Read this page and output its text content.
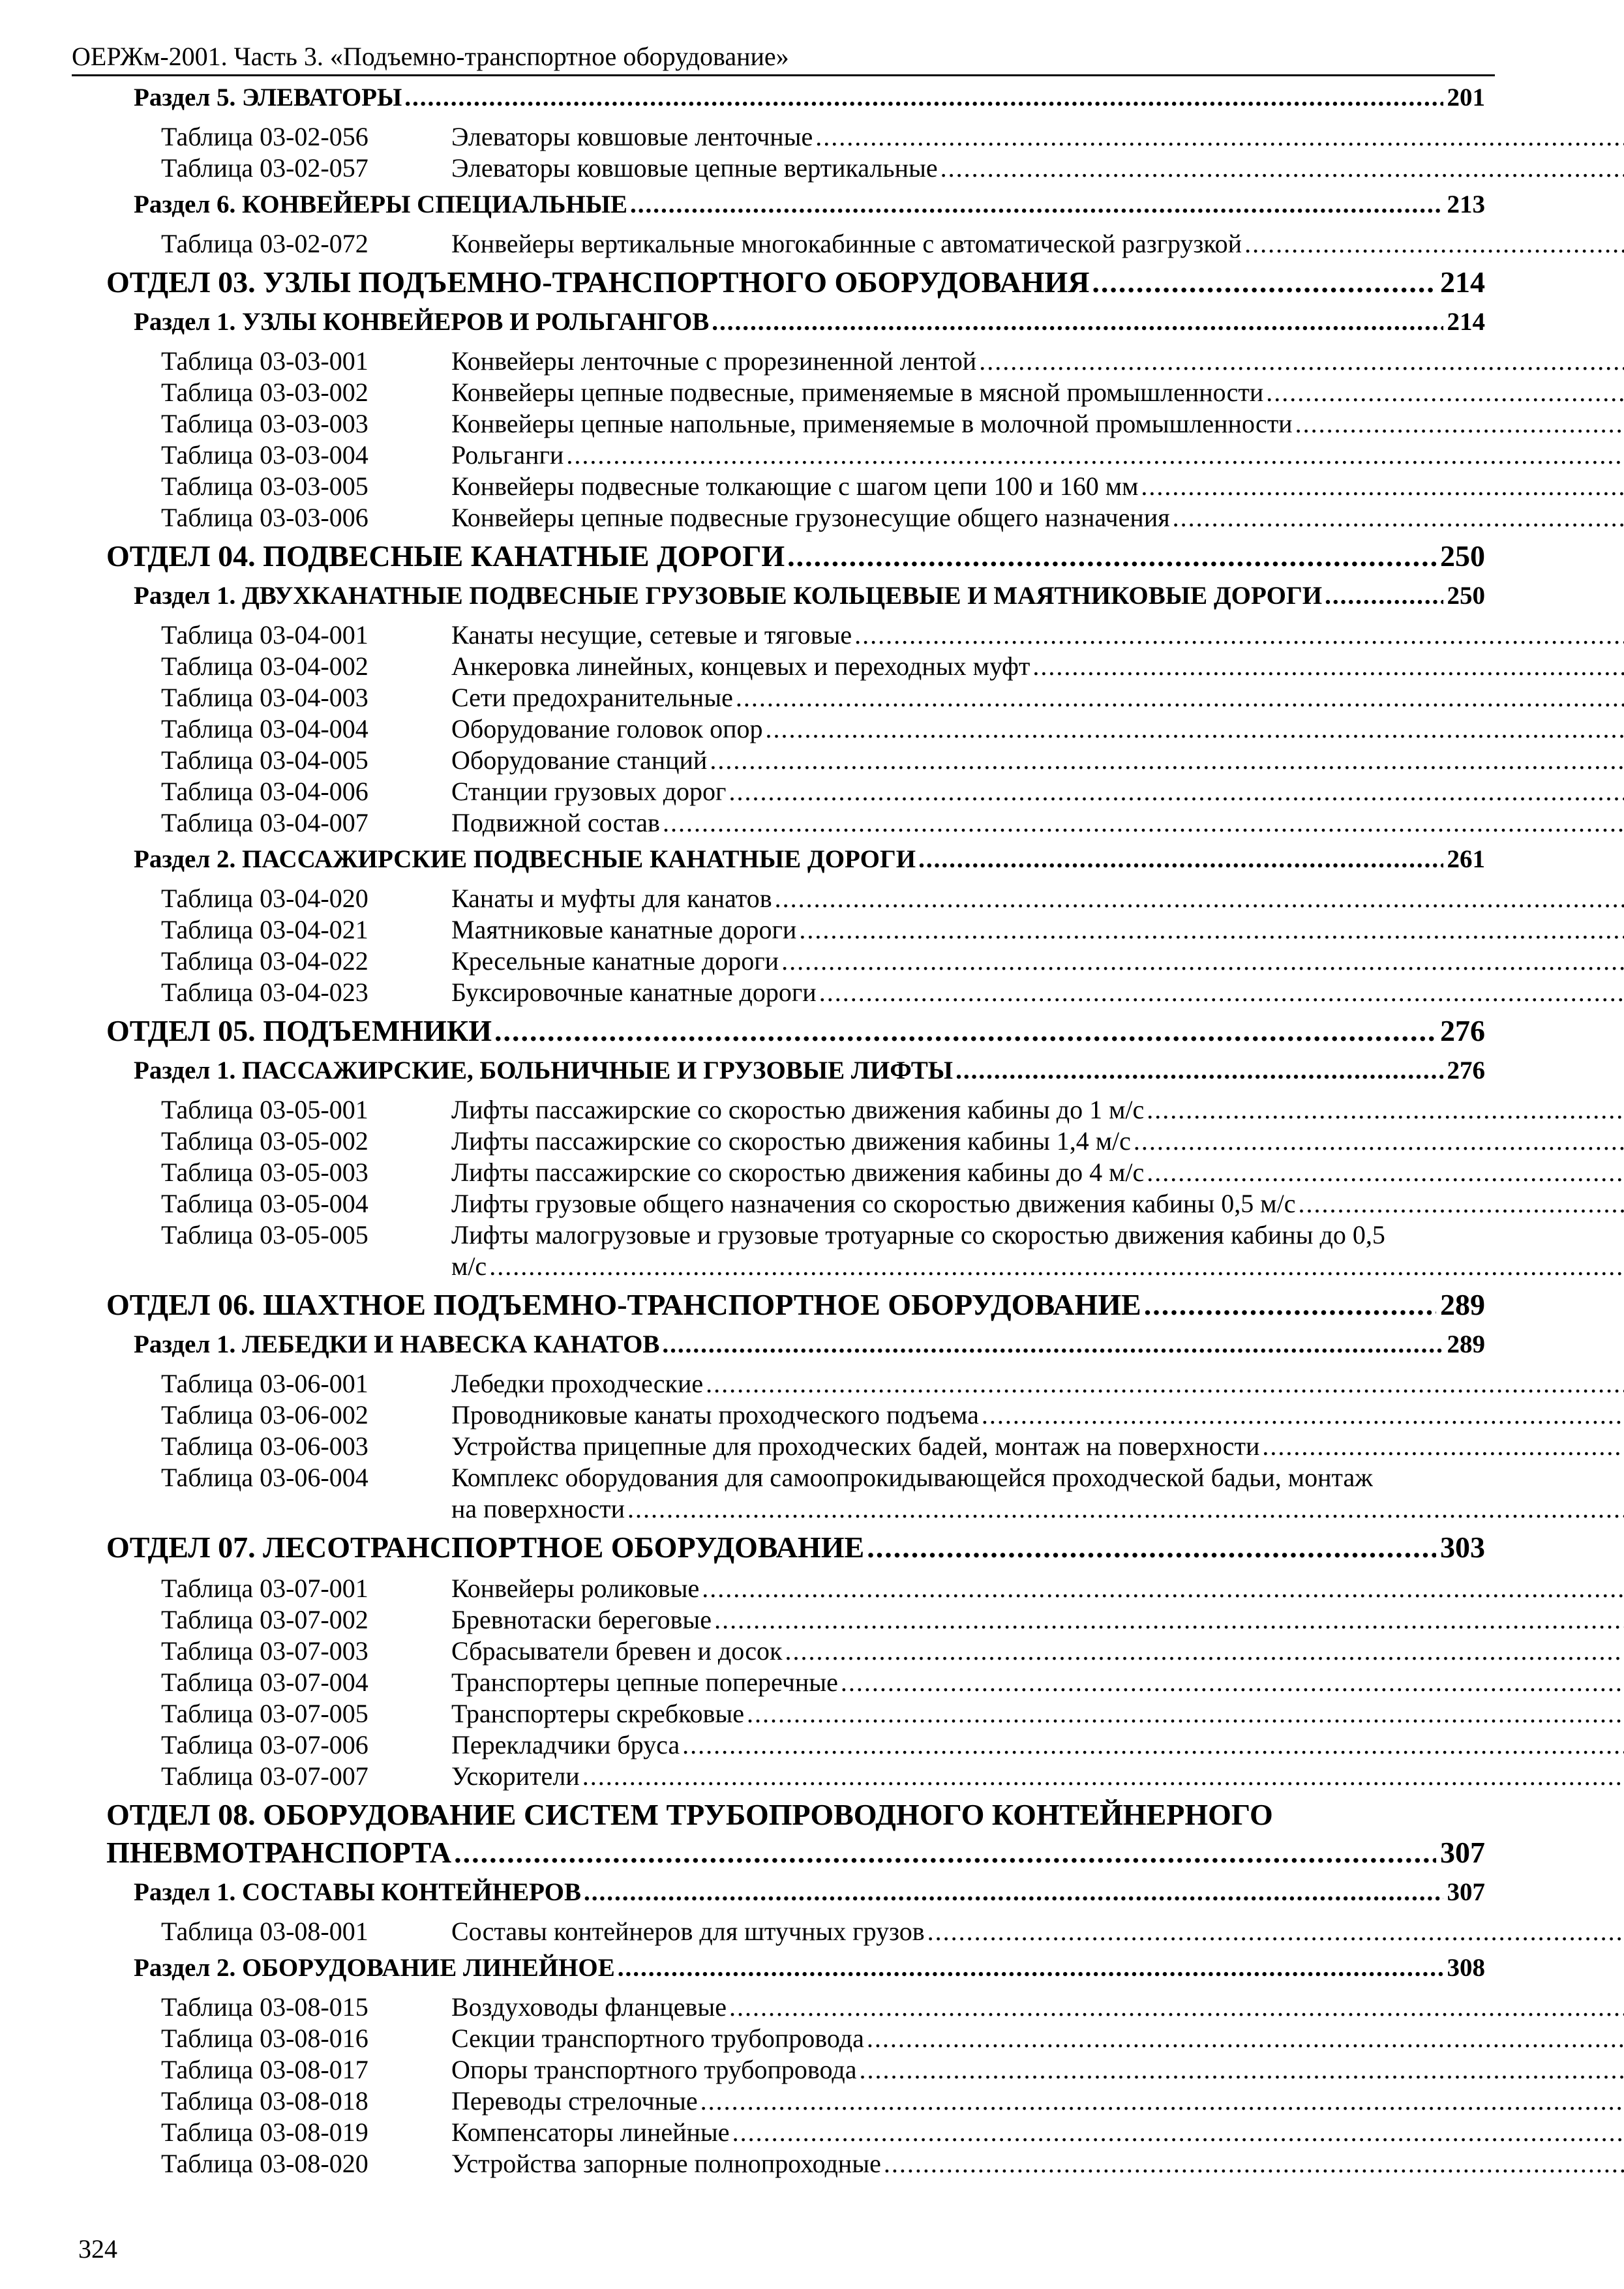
ОЕРЖм-2001. Часть 3. «Подъемно-транспортное оборудование»
Раздел 5. ЭЛЕВАТОРЫ .....	201
Таблица 03-02-056	Элеваторы ковшовые ленточные
.....
Таблица 03-02-057	Элеваторы ковшовые цепные вертикальные
.....
Раздел 6. КОНВЕЙЕРЫ СПЕЦИАЛЬНЫЕ .....	213
Таблица 03-02-072	Конвейеры вертикальные многокабинные с автоматической разгрузкой
.....
ОТДЕЛ 03. УЗЛЫ ПОДЪЕМНО-ТРАНСПОРТНОГО ОБОРУДОВАНИЯ .....	214
Раздел 1. УЗЛЫ КОНВЕЙЕРОВ И РОЛЬГАНГОВ .....	214
Таблица 03-03-001	Конвейеры ленточные с прорезиненной лентой
.....
Таблица 03-03-002	Конвейеры цепные подвесные, применяемые в мясной промышленности
.....
Таблица 03-03-003	Конвейеры цепные напольные, применяемые в молочной промышленности
.....
Таблица 03-03-004	Рольганги
.....
Таблица 03-03-005	Конвейеры подвесные толкающие с шагом цепи 100 и 160 мм
.....
Таблица 03-03-006	Конвейеры цепные подвесные грузонесущие общего назначения
.....
ОТДЕЛ 04. ПОДВЕСНЫЕ КАНАТНЫЕ ДОРОГИ .....	250
Раздел 1. ДВУХКАНАТНЫЕ ПОДВЕСНЫЕ ГРУЗОВЫЕ КОЛЬЦЕВЫЕ И МАЯТНИКОВЫЕ ДОРОГИ .....	250
Таблица 03-04-001	Канаты несущие, сетевые и тяговые
.....
Таблица 03-04-002	Анкеровка линейных, концевых и переходных муфт
.....
Таблица 03-04-003	Сети предохранительные
.....
Таблица 03-04-004	Оборудование головок опор
.....
Таблица 03-04-005	Оборудование станций
.....
Таблица 03-04-006	Станции грузовых дорог
.....
Таблица 03-04-007	Подвижной состав
.....
Раздел 2. ПАССАЖИРСКИЕ ПОДВЕСНЫЕ КАНАТНЫЕ ДОРОГИ .....	261
Таблица 03-04-020	Канаты и муфты для канатов
.....
Таблица 03-04-021	Маятниковые канатные дороги
.....
Таблица 03-04-022	Кресельные канатные дороги
.....
Таблица 03-04-023	Буксировочные канатные дороги
.....
ОТДЕЛ 05. ПОДЪЕМНИКИ .....	276
Раздел 1. ПАССАЖИРСКИЕ, БОЛЬНИЧНЫЕ И ГРУЗОВЫЕ ЛИФТЫ .....	276
Таблица 03-05-001	Лифты пассажирские со скоростью движения кабины до 1 м/с
.....
Таблица 03-05-002	Лифты пассажирские со скоростью движения кабины 1,4 м/с
.....
Таблица 03-05-003	Лифты пассажирские со скоростью движения кабины до 4 м/с
.....
Таблица 03-05-004	Лифты грузовые общего назначения со скоростью движения кабины 0,5 м/с
.....
Таблица 03-05-005	Лифты малогрузовые и грузовые тротуарные со скоростью движения кабины до 0,5
м/с
.....
ОТДЕЛ 06. ШАХТНОЕ ПОДЪЕМНО-ТРАНСПОРТНОЕ ОБОРУДОВАНИЕ .....	289
Раздел 1. ЛЕБЕДКИ И НАВЕСКА КАНАТОВ .....	289
Таблица 03-06-001	Лебедки проходческие
.....
Таблица 03-06-002	Проводниковые канаты проходческого подъема
.....
Таблица 03-06-003	Устройства прицепные для проходческих бадей, монтаж на поверхности
.....
Таблица 03-06-004	Комплекс оборудования для самоопрокидывающейся проходческой бадьи, монтаж
на поверхности
.....
ОТДЕЛ 07. ЛЕСОТРАНСПОРТНОЕ ОБОРУДОВАНИЕ .....	303
Таблица 03-07-001	Конвейеры роликовые
.....
Таблица 03-07-002	Бревнотаски береговые
.....
Таблица 03-07-003	Сбрасыватели бревен и досок
.....
Таблица 03-07-004	Транспортеры цепные поперечные
.....
Таблица 03-07-005	Транспортеры скребковые
.....
Таблица 03-07-006	Перекладчики бруса
.....
Таблица 03-07-007	Ускорители
.....
ОТДЕЛ 08. ОБОРУДОВАНИЕ СИСТЕМ ТРУБОПРОВОДНОГО КОНТЕЙНЕРНОГО
ПНЕВМОТРАНСПОРТА .....	307
Раздел 1. СОСТАВЫ КОНТЕЙНЕРОВ .....	307
Таблица 03-08-001	Составы контейнеров для штучных грузов
.....
Раздел 2. ОБОРУДОВАНИЕ ЛИНЕЙНОЕ .....	308
Таблица 03-08-015	Воздуховоды фланцевые
.....
Таблица 03-08-016	Секции транспортного трубопровода
.....
Таблица 03-08-017	Опоры транспортного трубопровода
.....
Таблица 03-08-018	Переводы стрелочные
.....
Таблица 03-08-019	Компенсаторы линейные
.....
Таблица 03-08-020	Устройства запорные полнопроходные
.....
324
